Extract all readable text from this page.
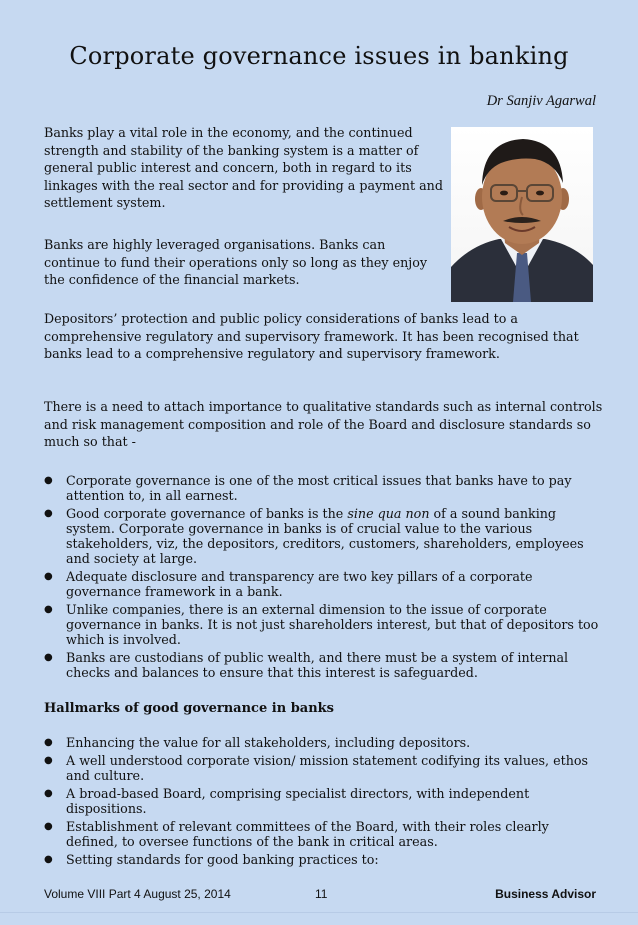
Corporate governance issues in banking
Dr Sanjiv Agarwal
Banks play a vital role in the economy, and the continued strength and stability of the banking system is a matter of general public interest and concern, both in regard to its linkages with the real sector and for providing a payment and settlement system.
Banks are highly leveraged organisations. Banks can continue to fund their operations only so long as they enjoy the confidence of the financial markets.
Depositors’ protection and public policy considerations of banks lead to a comprehensive regulatory and supervisory framework. It has been recognised that banks lead to a comprehensive regulatory and supervisory framework.
There is a need to attach importance to qualitative standards such as internal controls and risk management composition and role of the Board and disclosure standards so much so that -
● Corporate governance is one of the most critical issues that banks have to pay attention to, in all earnest.
● Good corporate governance of banks is the sine qua non of a sound banking system. Corporate governance in banks is of crucial value to the various stakeholders, viz, the depositors, creditors, customers, shareholders, employees and society at large.
● Adequate disclosure and transparency are two key pillars of a corporate governance framework in a bank.
● Unlike companies, there is an external dimension to the issue of corporate governance in banks. It is not just shareholders interest, but that of depositors too which is involved.
● Banks are custodians of public wealth, and there must be a system of internal checks and balances to ensure that this interest is safeguarded.
Hallmarks of good governance in banks
● Enhancing the value for all stakeholders, including depositors.
● A well understood corporate vision/ mission statement codifying its values, ethos and culture.
● A broad-based Board, comprising specialist directors, with independent dispositions.
● Establishment of relevant committees of the Board, with their roles clearly defined, to oversee functions of the bank in critical areas.
● Setting standards for good banking practices to:
Volume VIII Part 4 August 25, 2014	11	Business Advisor
